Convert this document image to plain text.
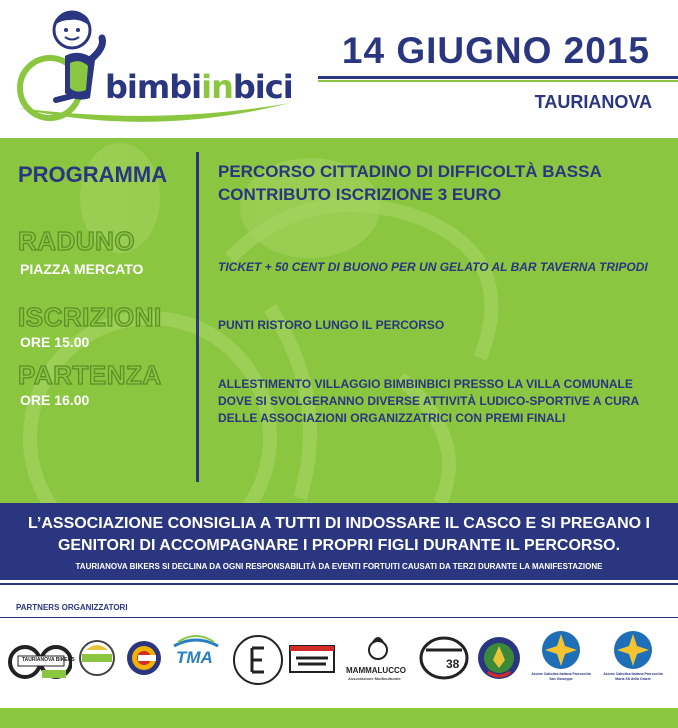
bimbiinbici
14 GIUGNO 2015
TAURIANOVA
PROGRAMMA
RADUNO
PIAZZA MERCATO
ISCRIZIONI
ORE 15.00
PARTENZA
ORE 16.00
PERCORSO CITTADINO DI DIFFICOLTÀ BASSA
CONTRIBUTO ISCRIZIONE 3 EURO
TICKET + 50 CENT DI BUONO PER UN GELATO AL BAR TAVERNA TRIPODI
PUNTI RISTORO LUNGO IL PERCORSO
ALLESTIMENTO VILLAGGIO BIMBINBICI PRESSO LA VILLA COMUNALE DOVE SI SVOLGERANNO DIVERSE ATTIVITÀ LUDICO-SPORTIVE A CURA DELLE ASSOCIAZIONI ORGANIZZATRICI CON PREMI FINALI
L’ASSOCIAZIONE CONSIGLIA A TUTTI DI INDOSSARE IL CASCO E SI PREGANO I
GENITORI DI ACCOMPAGNARE I PROPRI FIGLI DURANTE IL PERCORSO.
TAURIANOVA BIKERS SI DECLINA DA OGNI RESPONSABILITÀ DA EVENTI FORTUITI CAUSATI DA TERZI DURANTE LA MANIFESTAZIONE
PARTNERS ORGANIZZATORI
TAURIANOVA BIKERS	TMA
MAMMALUCCO
Associazione Multiculturale
38
Azione Cattolica Italiana Parrocchia San Giuseppe
Azione Cattolica Italiana Parrocchia Maria SS della Grazie
